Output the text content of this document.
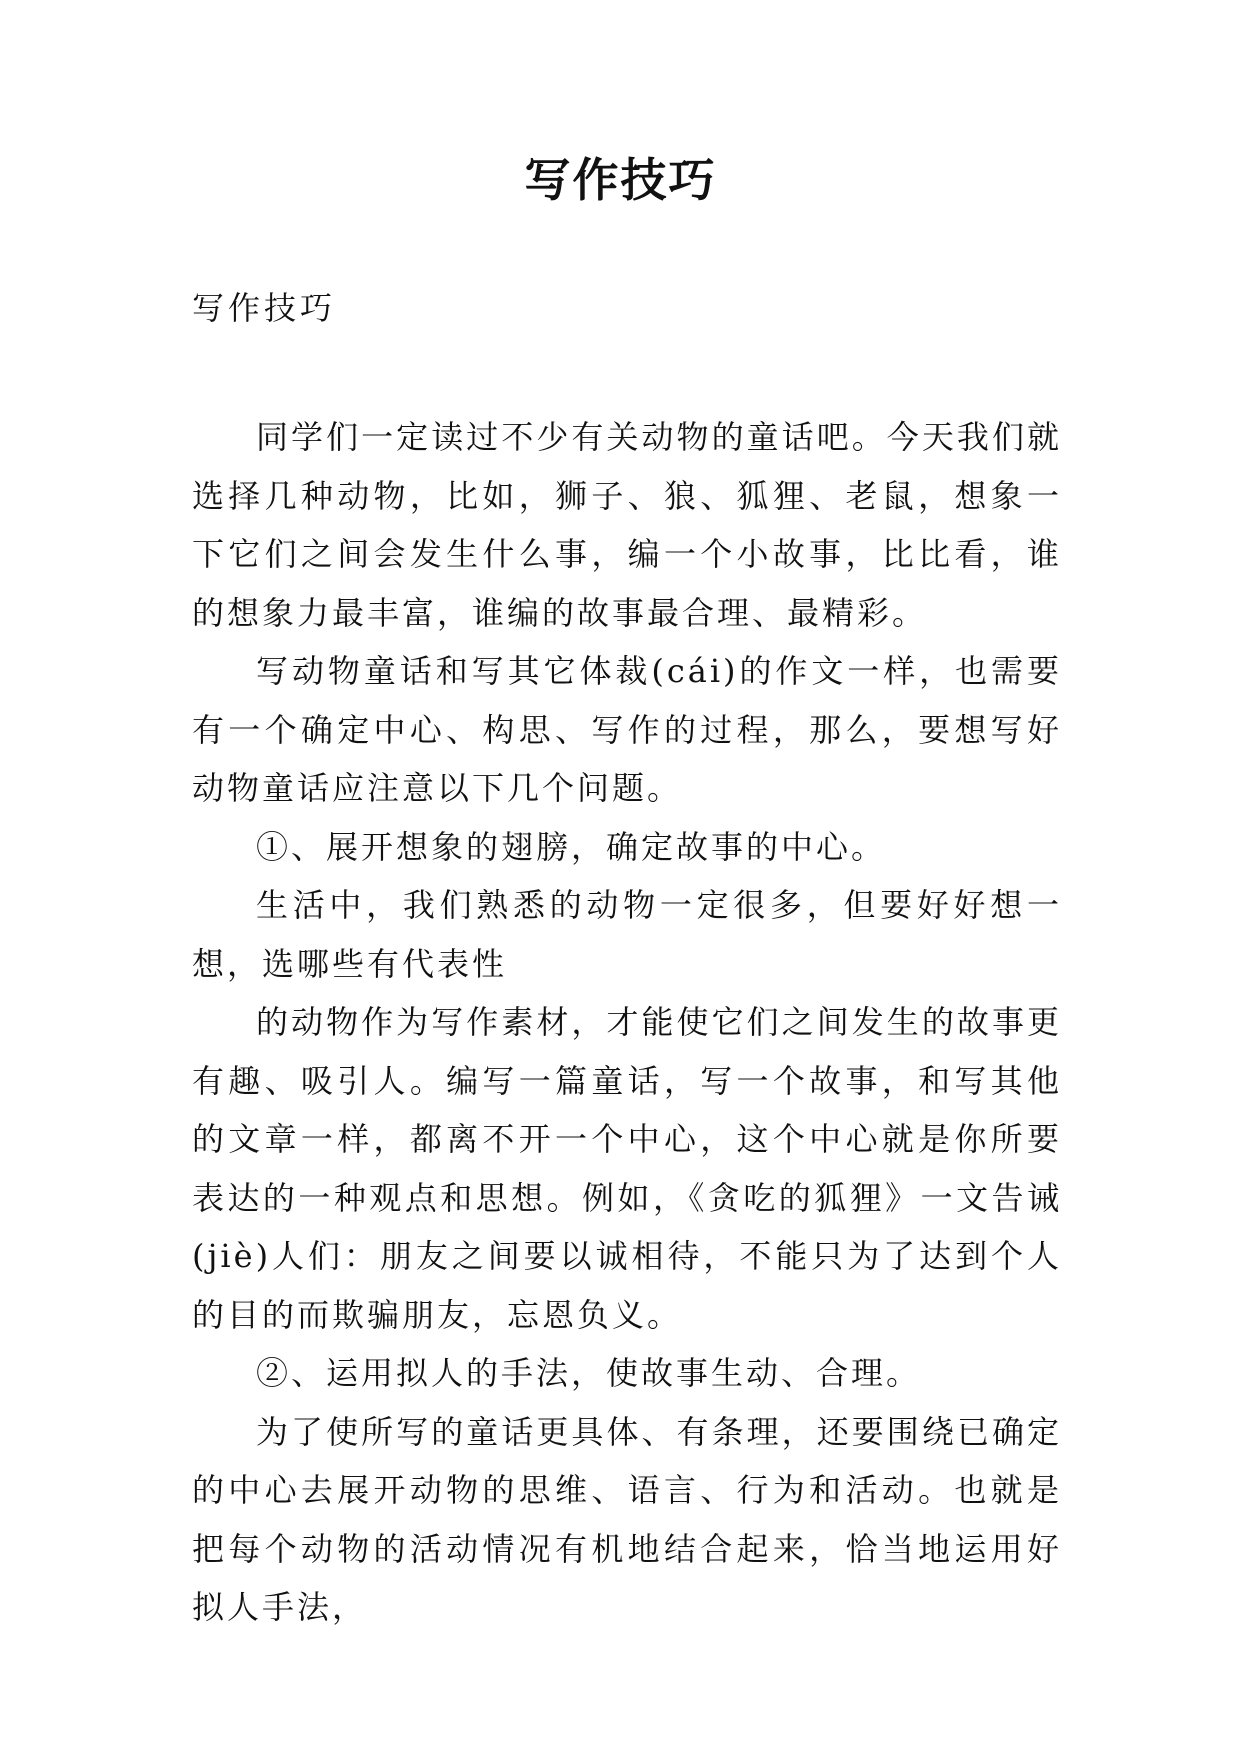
写作技巧

写作技巧

同学们一定读过不少有关动物的童话吧。今天我们就选择几种动物，比如，狮子、狼、狐狸、老鼠，想象一下它们之间会发生什么事，编一个小故事，比比看，谁的想象力最丰富，谁编的故事最合理、最精彩。

写动物童话和写其它体裁(cái)的作文一样，也需要有一个确定中心、构思、写作的过程，那么，要想写好动物童话应注意以下几个问题。

①、展开想象的翅膀，确定故事的中心。

生活中，我们熟悉的动物一定很多，但要好好想一想，选哪些有代表性

的动物作为写作素材，才能使它们之间发生的故事更有趣、吸引人。编写一篇童话，写一个故事，和写其他的文章一样，都离不开一个中心，这个中心就是你所要表达的一种观点和思想。例如，《贪吃的狐狸》一文告诫(jiè)人们：朋友之间要以诚相待，不能只为了达到个人的目的而欺骗朋友，忘恩负义。

②、运用拟人的手法，使故事生动、合理。

为了使所写的童话更具体、有条理，还要围绕已确定的中心去展开动物的思维、语言、行为和活动。也就是把每个动物的活动情况有机地结合起来，恰当地运用好拟人手法，
